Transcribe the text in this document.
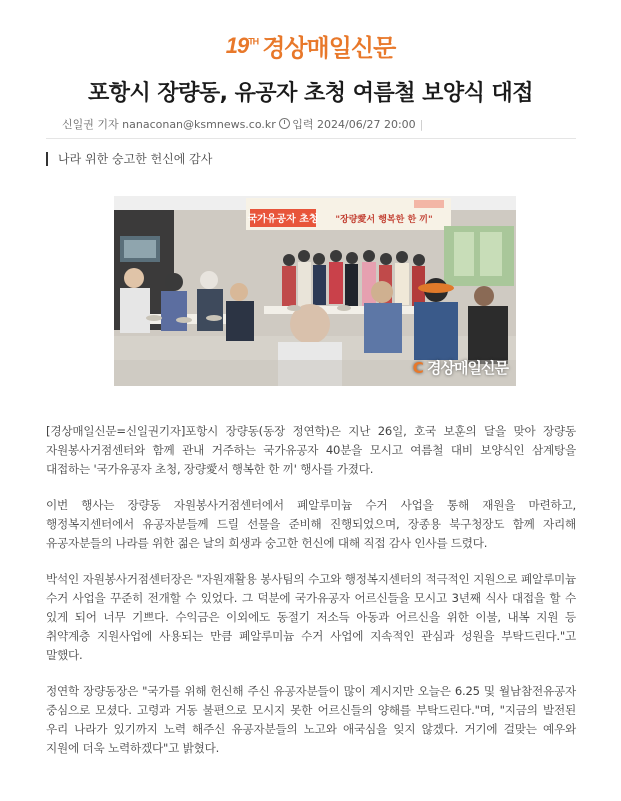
19TH 경상매일신문
포항시 장량동, 유공자 초청 여름철 보양식 대접
신일권 기자 nanaconan@ksmnews.co.kr 입력 2024/06/27 20:00 |
나라 위한 숭고한 헌신에 감사
국가유공자 초청 "장량愛서 행복한 한 끼"
C 경상매일신문

[경상매일신문=신일권기자]포항시 장량동(동장 정연학)은 지난 26일, 호국 보훈의 달을 맞아 장량동 자원봉사거점센터와 함께 관내 거주하는 국가유공자 40분을 모시고 여름철 대비 보양식인 삼계탕을 대접하는 '국가유공자 초청, 장량愛서 행복한 한 끼' 행사를 가졌다.

이번 행사는 장량동 자원봉사거점센터에서 폐알루미늄 수거 사업을 통해 재원을 마련하고, 행정복지센터에서 유공자분들께 드릴 선물을 준비해 진행되었으며, 장종용 북구청장도 함께 자리해 유공자분들의 나라를 위한 젊은 날의 희생과 숭고한 헌신에 대해 직접 감사 인사를 드렸다.

박석인 자원봉사거점센터장은 "자원재활용 봉사팀의 수고와 행정복지센터의 적극적인 지원으로 폐알루미늄 수거 사업을 꾸준히 전개할 수 있었다. 그 덕분에 국가유공자 어르신들을 모시고 3년째 식사 대접을 할 수 있게 되어 너무 기쁘다. 수익금은 이외에도 동절기 저소득 아동과 어르신을 위한 이불, 내복 지원 등 취약계층 지원사업에 사용되는 만큼 폐알루미늄 수거 사업에 지속적인 관심과 성원을 부탁드린다."고 말했다.

정연학 장량동장은 "국가를 위해 헌신해 주신 유공자분들이 많이 계시지만 오늘은 6.25 및 월남참전유공자 중심으로 모셨다. 고령과 거동 불편으로 모시지 못한 어르신들의 양해를 부탁드린다."며, "지금의 발전된 우리 나라가 있기까지 노력 해주신 유공자분들의 노고와 애국심을 잊지 않겠다. 거기에 걸맞는 예우와 지원에 더욱 노력하겠다"고 밝혔다.
